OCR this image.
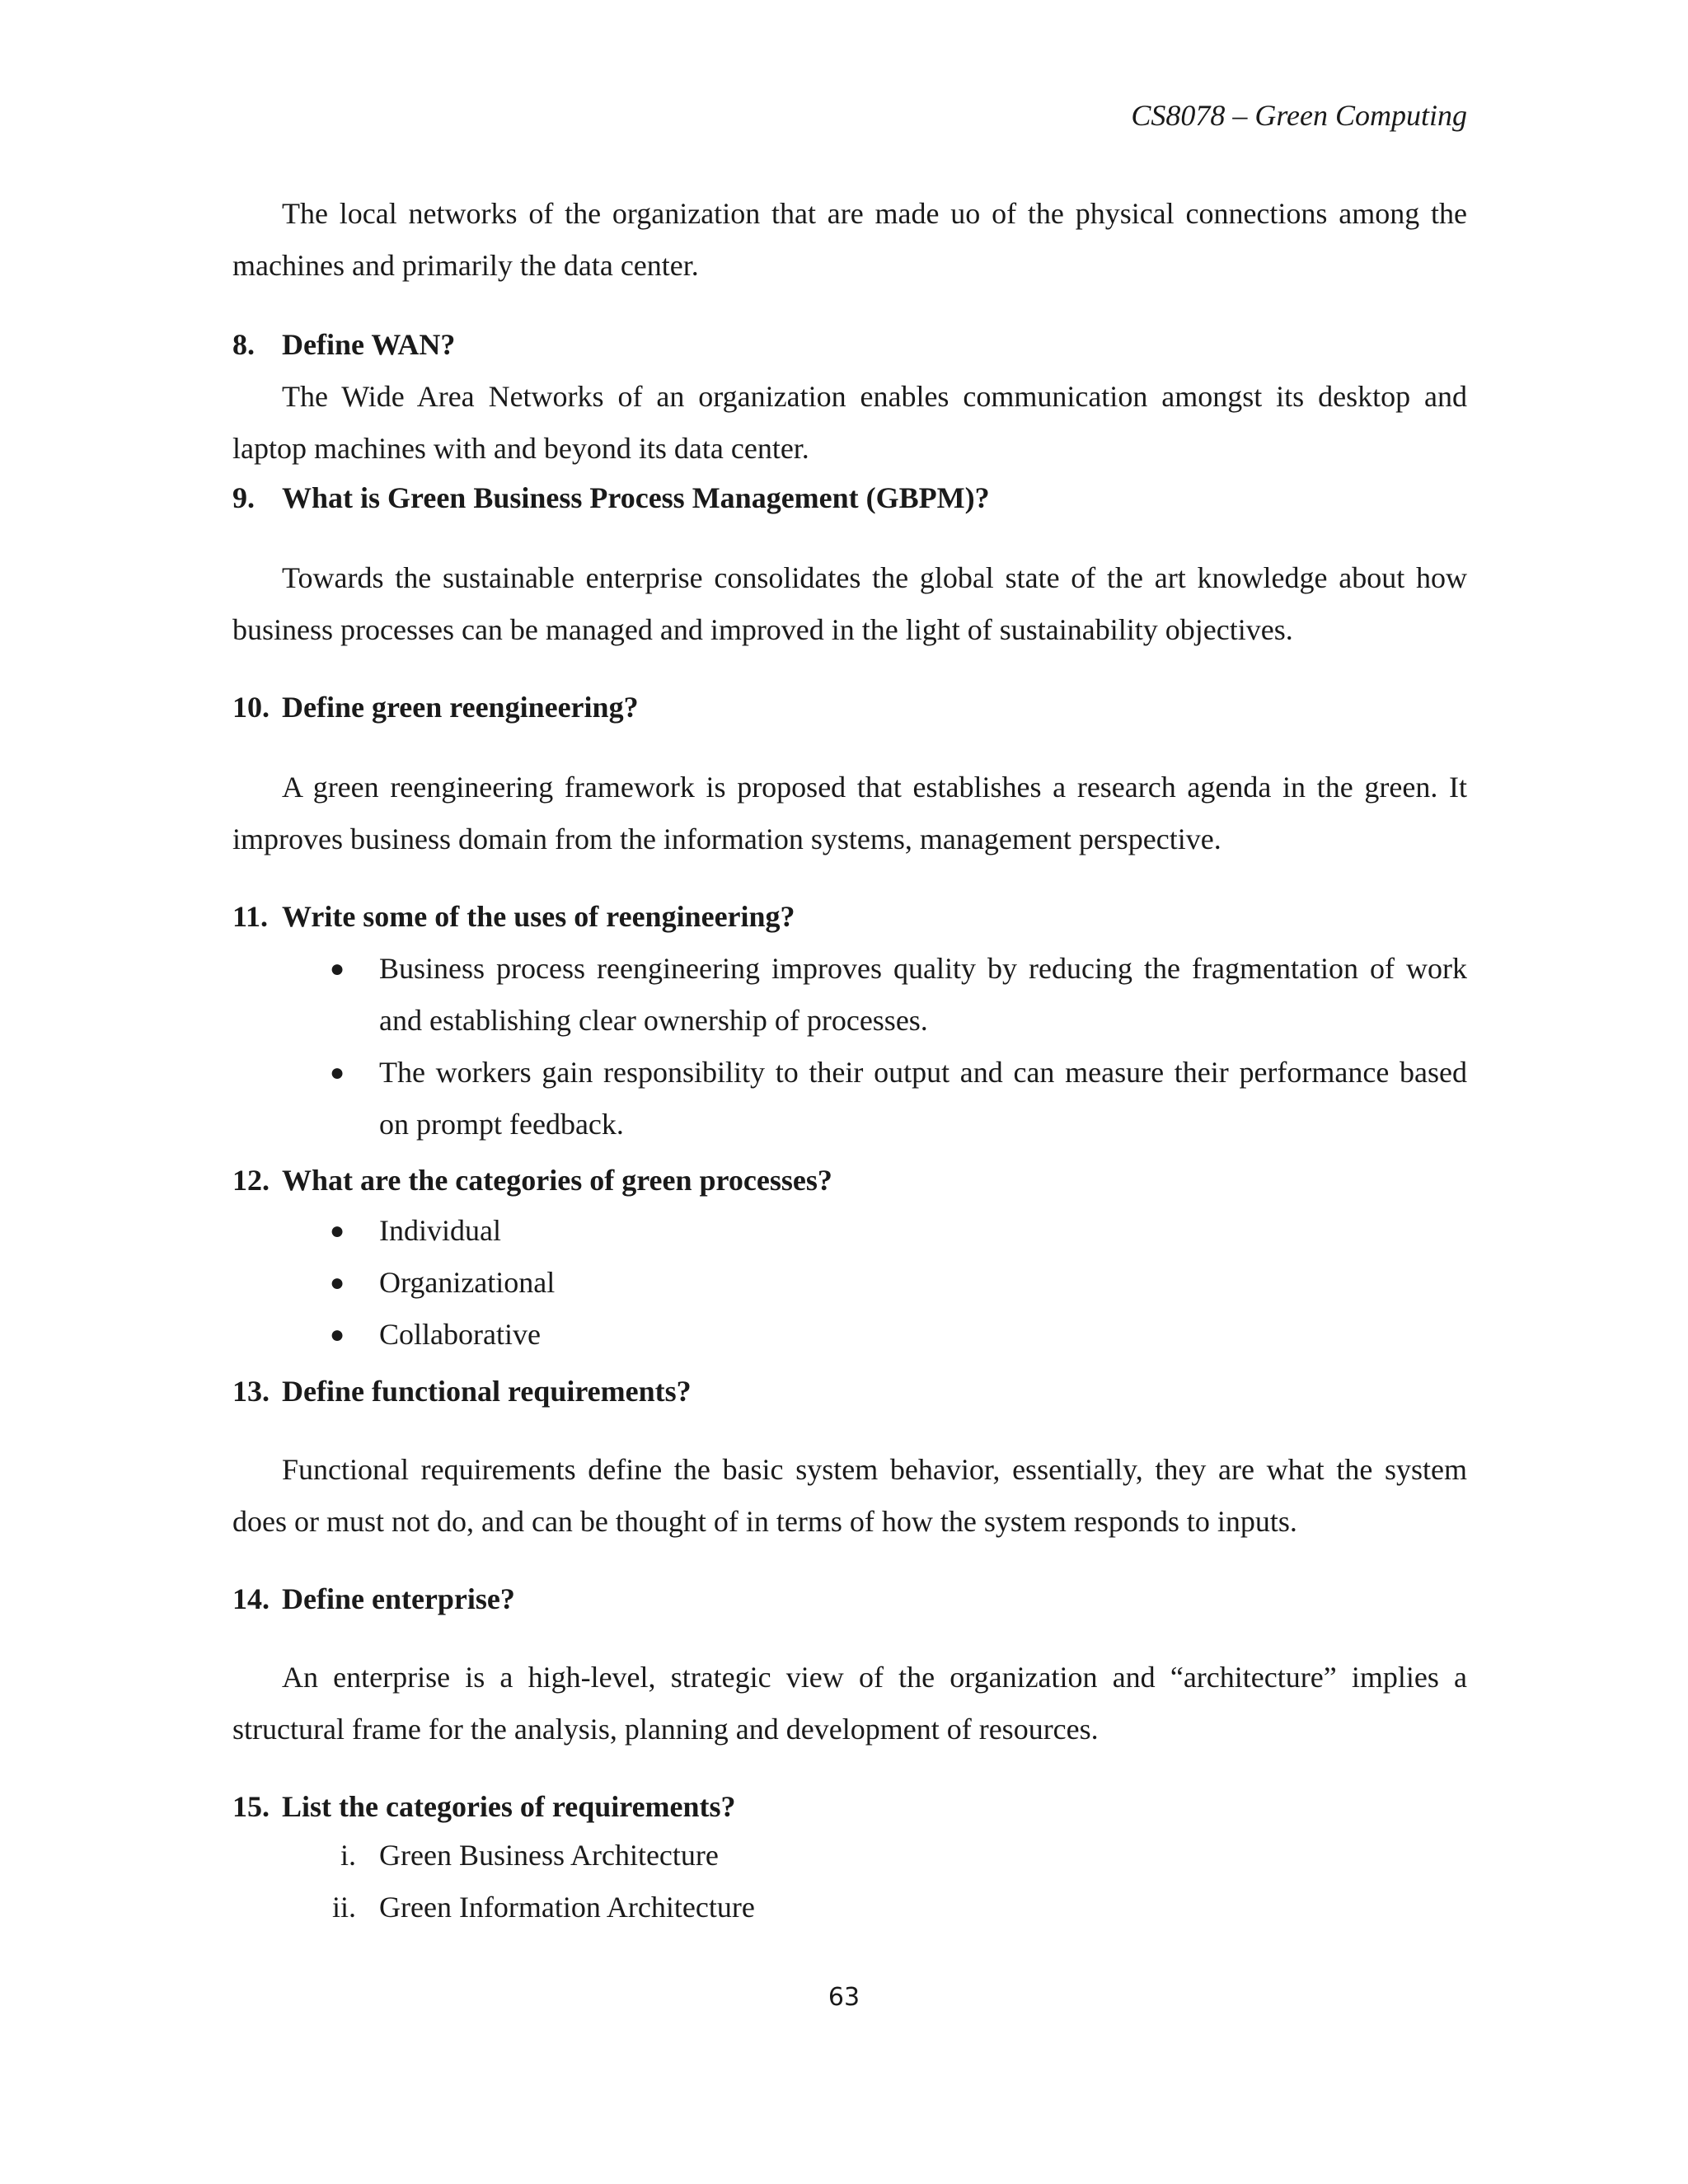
CS8078 – Green Computing

The local networks of the organization that are made uo of the physical connections among the machines and primarily the data center.

8. Define WAN?

The Wide Area Networks of an organization enables communication amongst its desktop and laptop machines with and beyond its data center.

9. What is Green Business Process Management (GBPM)?

Towards the sustainable enterprise consolidates the global state of the art knowledge about how business processes can be managed and improved in the light of sustainability objectives.

10. Define green reengineering?

A green reengineering framework is proposed that establishes a research agenda in the green. It improves business domain from the information systems, management perspective.

11. Write some of the uses of reengineering?
● Business process reengineering improves quality by reducing the fragmentation of work and establishing clear ownership of processes.
● The workers gain responsibility to their output and can measure their performance based on prompt feedback.
12. What are the categories of green processes?
● Individual
● Organizational
● Collaborative
13. Define functional requirements?

Functional requirements define the basic system behavior, essentially, they are what the system does or must not do, and can be thought of in terms of how the system responds to inputs.

14. Define enterprise?

An enterprise is a high-level, strategic view of the organization and “architecture” implies a structural frame for the analysis, planning and development of resources.

15. List the categories of requirements?
i. Green Business Architecture
ii. Green Information Architecture
63
